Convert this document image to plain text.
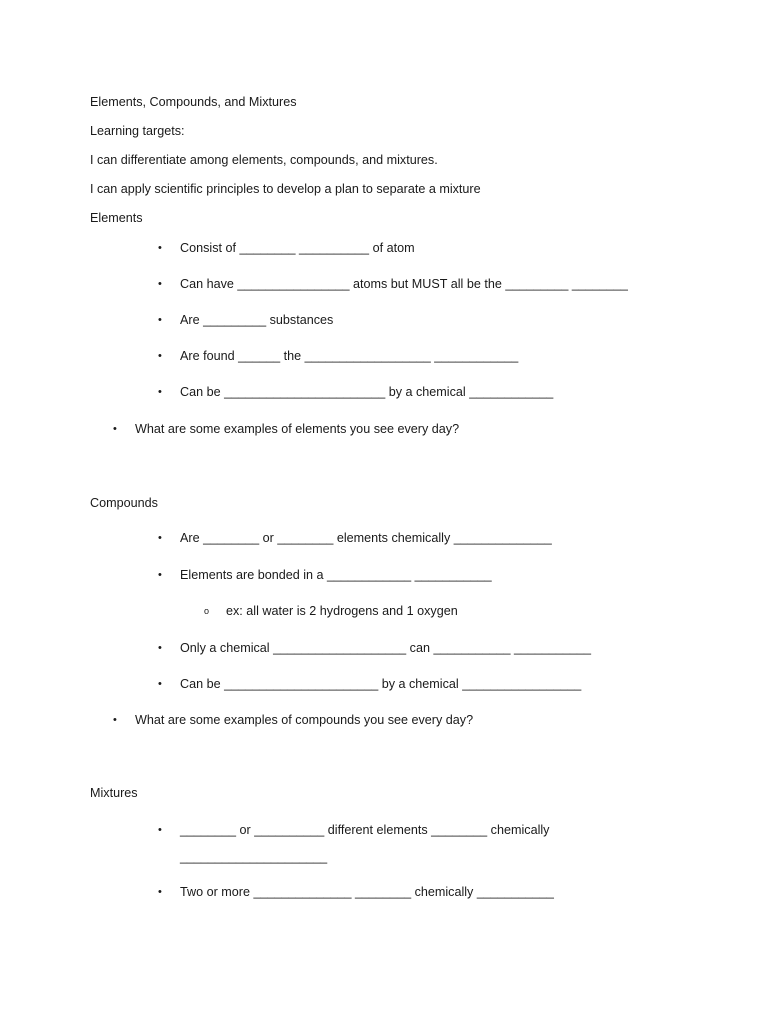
Elements, Compounds, and Mixtures
Learning targets:
I can differentiate among elements, compounds, and mixtures.
I can apply scientific principles to develop a plan to separate a mixture
Elements
• Consist of ________ __________ of atom
• Can have ________________ atoms but MUST all be the _________ ________
• Are _________ substances
• Are found ______ the __________________ ____________
• Can be _______________________ by a chemical ____________
• What are some examples of elements you see every day?
Compounds
• Are ________ or ________ elements chemically ______________
• Elements are bonded in a ____________ ___________
o ex: all water is 2 hydrogens and 1 oxygen
• Only a chemical ___________________ can ___________ ___________
• Can be ______________________ by a chemical _________________
• What are some examples of compounds you see every day?
Mixtures
• ________ or __________ different elements ________ chemically
_____________________
• Two or more ______________ ________ chemically ___________
